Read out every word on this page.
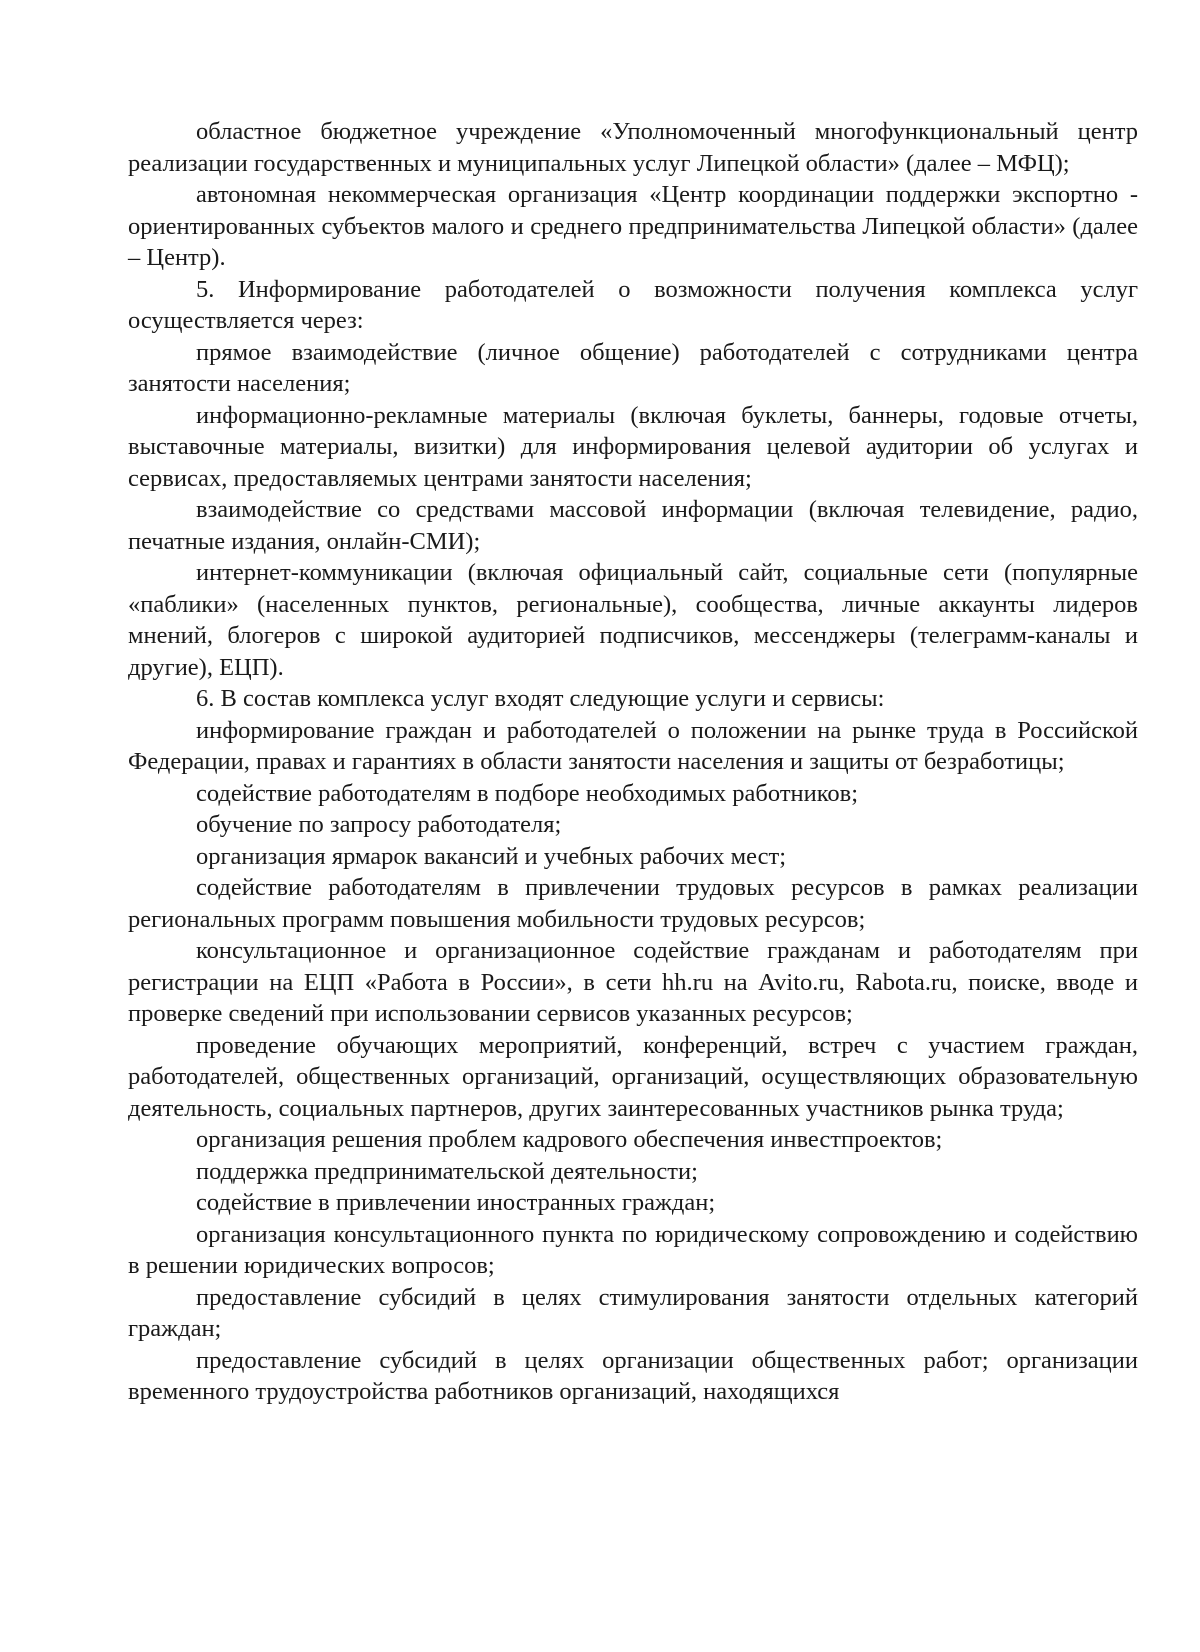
областное бюджетное учреждение «Уполномоченный многофункциональный центр реализации государственных и муниципальных услуг Липецкой области» (далее – МФЦ);

автономная некоммерческая организация «Центр координации поддержки экспортно - ориентированных субъектов малого и среднего предпринимательства Липецкой области» (далее – Центр).

5. Информирование работодателей о возможности получения комплекса услуг осуществляется через:

прямое взаимодействие (личное общение) работодателей с сотрудниками центра занятости населения;

информационно-рекламные материалы (включая буклеты, баннеры, годовые отчеты, выставочные материалы, визитки) для информирования целевой аудитории об услугах и сервисах, предоставляемых центрами занятости населения;

взаимодействие со средствами массовой информации (включая телевидение, радио, печатные издания, онлайн-СМИ);

интернет-коммуникации (включая официальный сайт, социальные сети (популярные «паблики» (населенных пунктов, региональные), сообщества, личные аккаунты лидеров мнений, блогеров с широкой аудиторией подписчиков, мессенджеры (телеграмм-каналы и другие), ЕЦП).

6. В состав комплекса услуг входят следующие услуги и сервисы:

информирование граждан и работодателей о положении на рынке труда в Российской Федерации, правах и гарантиях в области занятости населения и защиты от безработицы;

содействие работодателям в подборе необходимых работников;

обучение по запросу работодателя;

организация ярмарок вакансий и учебных рабочих мест;

содействие работодателям в привлечении трудовых ресурсов в рамках реализации региональных программ повышения мобильности трудовых ресурсов;

консультационное и организационное содействие гражданам и работодателям при регистрации на ЕЦП «Работа в России», в сети hh.ru на Avito.ru, Rabota.ru, поиске, вводе и проверке сведений при использовании сервисов указанных ресурсов;

проведение обучающих мероприятий, конференций, встреч с участием граждан, работодателей, общественных организаций, организаций, осуществляющих образовательную деятельность, социальных партнеров, других заинтересованных участников рынка труда;

организация решения проблем кадрового обеспечения инвестпроектов;

поддержка предпринимательской деятельности;

содействие в привлечении иностранных граждан;

организация консультационного пункта по юридическому сопровождению и содействию в решении юридических вопросов;

предоставление субсидий в целях стимулирования занятости отдельных категорий граждан;

предоставление субсидий в целях организации общественных работ; организации временного трудоустройства работников организаций, находящихся
